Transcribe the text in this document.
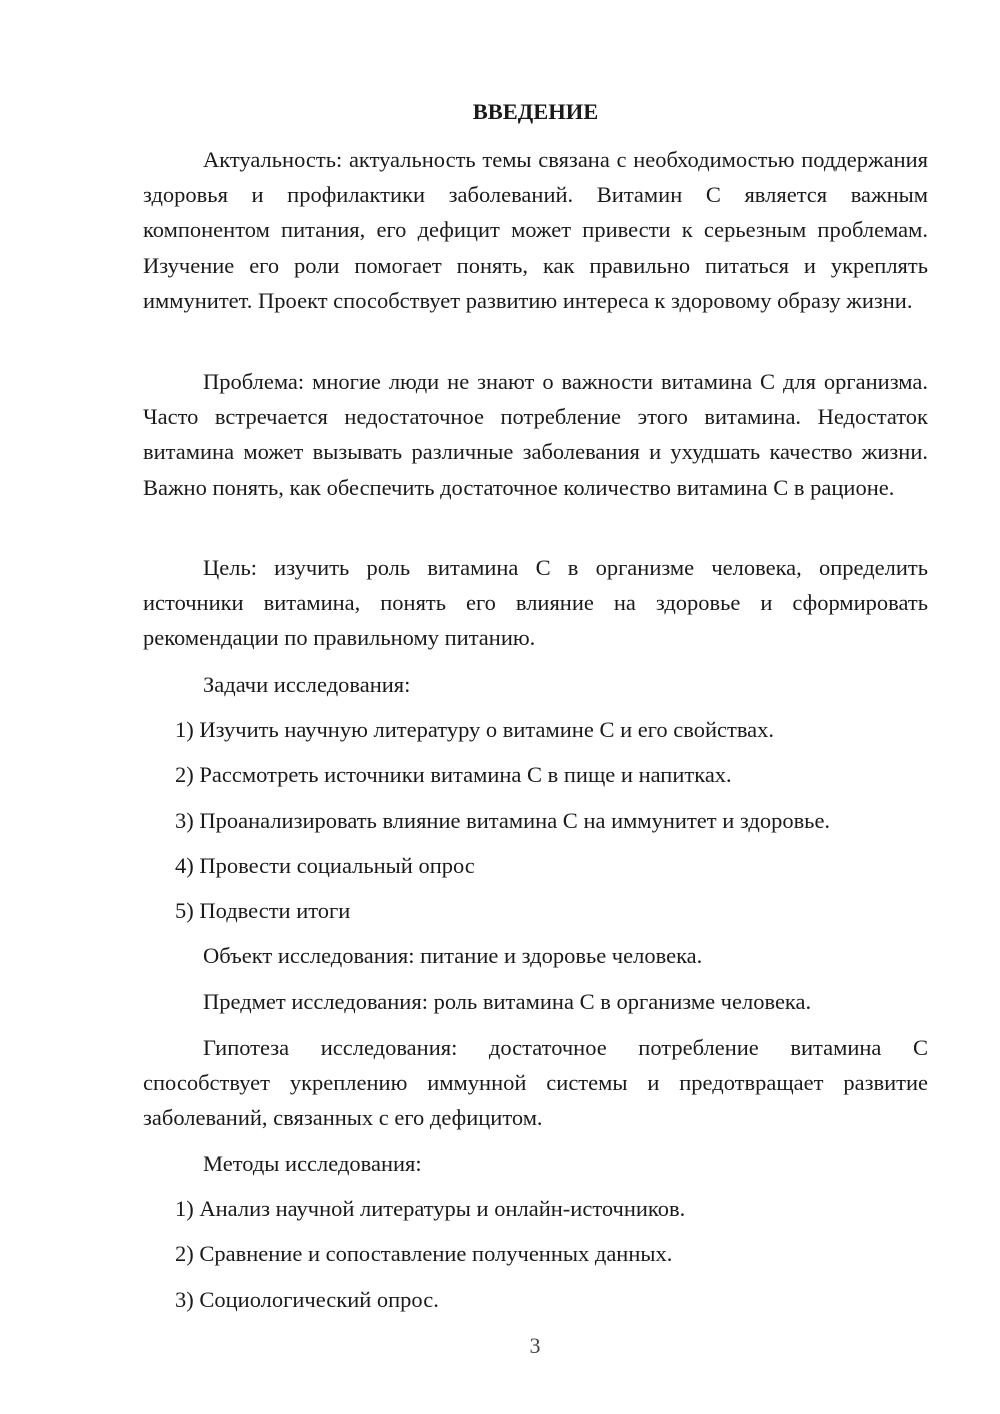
ВВЕДЕНИЕ

Актуальность: актуальность темы связана с необходимостью поддержания здоровья и профилактики заболеваний. Витамин С является важным компонентом питания, его дефицит может привести к серьезным проблемам. Изучение его роли помогает понять, как правильно питаться и укреплять иммунитет. Проект способствует развитию интереса к здоровому образу жизни.

Проблема: многие люди не знают о важности витамина С для организма. Часто встречается недостаточное потребление этого витамина. Недостаток витамина может вызывать различные заболевания и ухудшать качество жизни. Важно понять, как обеспечить достаточное количество витамина С в рационе.

Цель: изучить роль витамина С в организме человека, определить источники витамина, понять его влияние на здоровье и сформировать рекомендации по правильному питанию.

Задачи исследования:

1) Изучить научную литературу о витамине С и его свойствах.

2) Рассмотреть источники витамина С в пище и напитках.

3) Проанализировать влияние витамина С на иммунитет и здоровье.

4) Провести социальный опрос

5) Подвести итоги

Объект исследования: питание и здоровье человека.

Предмет исследования: роль витамина С в организме человека.

Гипотеза исследования: достаточное потребление витамина С способствует укреплению иммунной системы и предотвращает развитие заболеваний, связанных с его дефицитом.

Методы исследования:

1) Анализ научной литературы и онлайн-источников.

2) Сравнение и сопоставление полученных данных.

3) Социологический опрос.

3
